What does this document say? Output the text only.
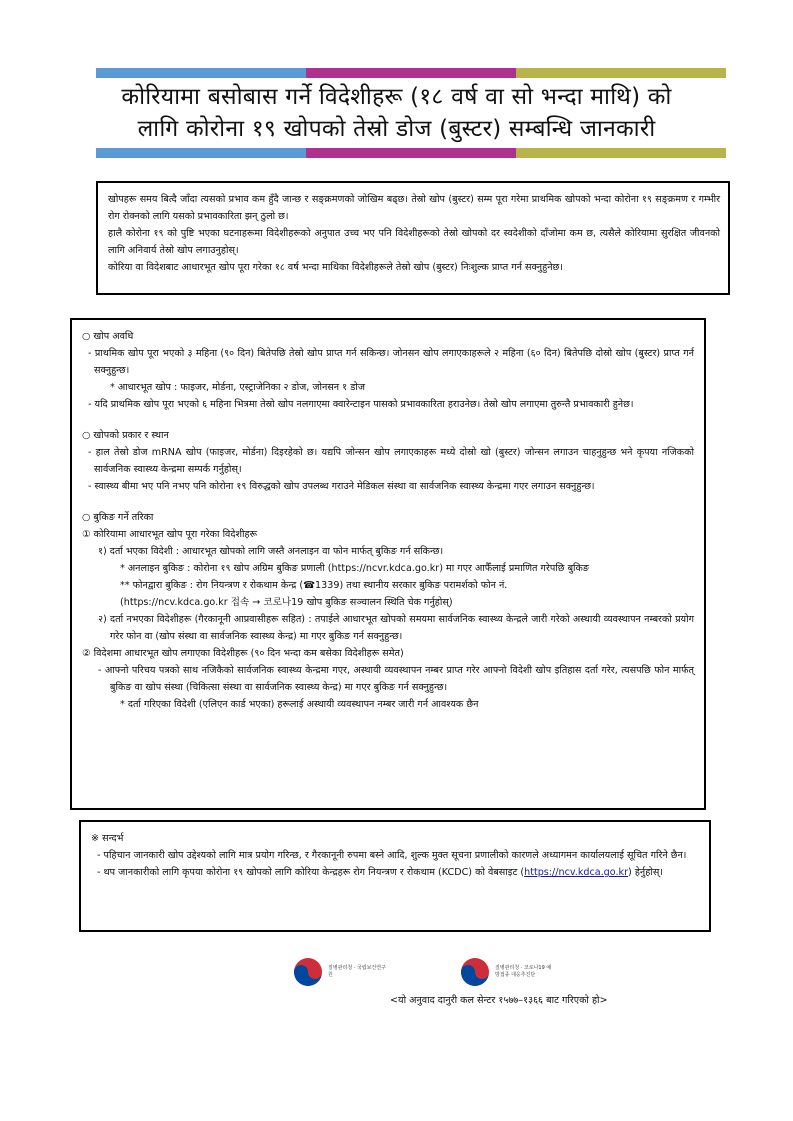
कोरियामा बसोबास गर्ने विदेशीहरू (१८ वर्ष वा सो भन्दा माथि) को
लागि कोरोना १९ खोपको तेस्रो डोज (बुस्टर) सम्बन्धि जानकारी

खोपहरू समय बित्दै जाँदा त्यसको प्रभाव कम हुँदै जान्छ र सङ्क्रमणको जोखिम बढ्छ। तेस्रो खोप (बुस्टर) सम्म पूरा गरेमा प्राथमिक खोपको भन्दा कोरोना १९ सङ्क्रमण र गम्भीर रोग रोक्नको लागि यसको प्रभावकारिता झन् ठुलो छ।

हालै कोरोना १९ को पुष्टि भएका घटनाहरूमा विदेशीहरूको अनुपात उच्च भए पनि विदेशीहरूको तेस्रो खोपको दर स्वदेशीको दाँजोमा कम छ, त्यसैले कोरियामा सुरक्षित जीवनको लागि अनिवार्य तेस्रो खोप लगाउनुहोस्।

कोरिया वा विदेशबाट आधारभूत खोप पूरा गरेका १८ वर्ष भन्दा माथिका विदेशीहरूले तेस्रो खोप (बुस्टर) निःशुल्क प्राप्त गर्न सक्नुहुनेछ।

○ खोप अवधि

- प्राथमिक खोप पूरा भएको ३ महिना (९० दिन) बितेपछि तेस्रो खोप प्राप्त गर्न सकिन्छ। जोनसन खोप लगाएकाहरूले २ महिना (६० दिन) बितेपछि दोस्रो खोप (बुस्टर) प्राप्त गर्न सक्नुहुन्छ।

* आधारभूत खोप : फाइजर, मोर्डना, एस्ट्राजेनिका २ डोज, जोनसन १ डोज

- यदि प्राथमिक खोप पूरा भएको ६ महिना भित्रमा तेस्रो खोप नलगाएमा क्वारेन्टाइन पासको प्रभावकारिता हराउनेछ। तेस्रो खोप लगाएमा तुरुन्तै प्रभावकारी हुनेछ।

○ खोपको प्रकार र स्थान

- हाल तेस्रो डोज mRNA खोप (फाइजर, मोर्डना) दिइरहेको छ। यद्यपि जोन्सन खोप लगाएकाहरू मध्ये दोस्रो खो (बुस्टर) जोन्सन लगाउन चाहनुहुन्छ भने कृपया नजिकको सार्वजनिक स्वास्थ्य केन्द्रमा सम्पर्क गर्नुहोस्।

- स्वास्थ्य बीमा भए पनि नभए पनि कोरोना १९ विरुद्धको खोप उपलब्ध गराउने मेडिकल संस्था वा सार्वजनिक स्वास्थ्य केन्द्रमा गएर लगाउन सक्नुहुन्छ।

○ बुकिङ गर्ने तरिका

① कोरियामा आधारभूत खोप पूरा गरेका विदेशीहरू

१) दर्ता भएका विदेशी : आधारभूत खोपको लागि जस्तै अनलाइन वा फोन मार्फत् बुकिङ गर्न सकिन्छ।

* अनलाइन बुकिङ : कोरोना १९ खोप अग्रिम बुकिङ प्रणाली (https://ncvr.kdca.go.kr) मा गएर आफैँलाई प्रमाणित गरेपछि बुकिङ

** फोनद्वारा बुकिङ : रोग नियन्त्रण र रोकथाम केन्द्र (☎1339) तथा स्थानीय सरकार बुकिङ परामर्शको फोन नं.

(https://ncv.kdca.go.kr 접속 → 코로나19 खोप बुकिङ सञ्चालन स्थिति चेक गर्नुहोस्)

२) दर्ता नभएका विदेशीहरू (गैरकानूनी आप्रवासीहरू सहित) : तपाईले आधारभूत खोपको समयमा सार्वजनिक स्वास्थ्य केन्द्रले जारी गरेको अस्थायी व्यवस्थापन नम्बरको प्रयोग गरेर फोन वा (खोप संस्था वा सार्वजनिक स्वास्थ्य केन्द्र) मा गएर बुकिङ गर्न सक्नुहुन्छ।

② विदेशमा आधारभूत खोप लगाएका विदेशीहरू (९० दिन भन्दा कम बसेका विदेशीहरू समेत)

- आफ्नो परिचय पत्रको साथ नजिकैको सार्वजनिक स्वास्थ्य केन्द्रमा गएर, अस्थायी व्यवस्थापन नम्बर प्राप्त गरेर आफ्नो विदेशी खोप इतिहास दर्ता गरेर, त्यसपछि फोन मार्फत् बुकिङ वा खोप संस्था (चिकित्सा संस्था वा सार्वजनिक स्वास्थ्य केन्द्र) मा गएर बुकिङ गर्न सक्नुहुन्छ।

* दर्ता गरिएका विदेशी (एलिएन कार्ड भएका) हरूलाई अस्थायी व्यवस्थापन नम्बर जारी गर्न आवश्यक छैन

※ सन्दर्भ

- पहिचान जानकारी खोप उद्देश्यको लागि मात्र प्रयोग गरिन्छ, र गैरकानूनी रुपमा बस्ने आदि, शुल्क मुक्त सूचना प्रणालीको कारणले अध्यागमन कार्यालयलाई सूचित गरिने छैन।

- थप जानकारीको लागि कृपया कोरोना १९ खोपको लागि कोरिया केन्द्रहरू रोग नियन्त्रण र रोकथाम (KCDC) को वेबसाइट (https://ncv.kdca.go.kr) हेर्नुहोस्।

질병관리청 · 국립보건연구원
질병관리청 · 코로나19 예방접종 대응추진단
<यो अनुवाद दानुरी कल सेन्टर १५७७–१३६६ बाट गरिएको हो>
